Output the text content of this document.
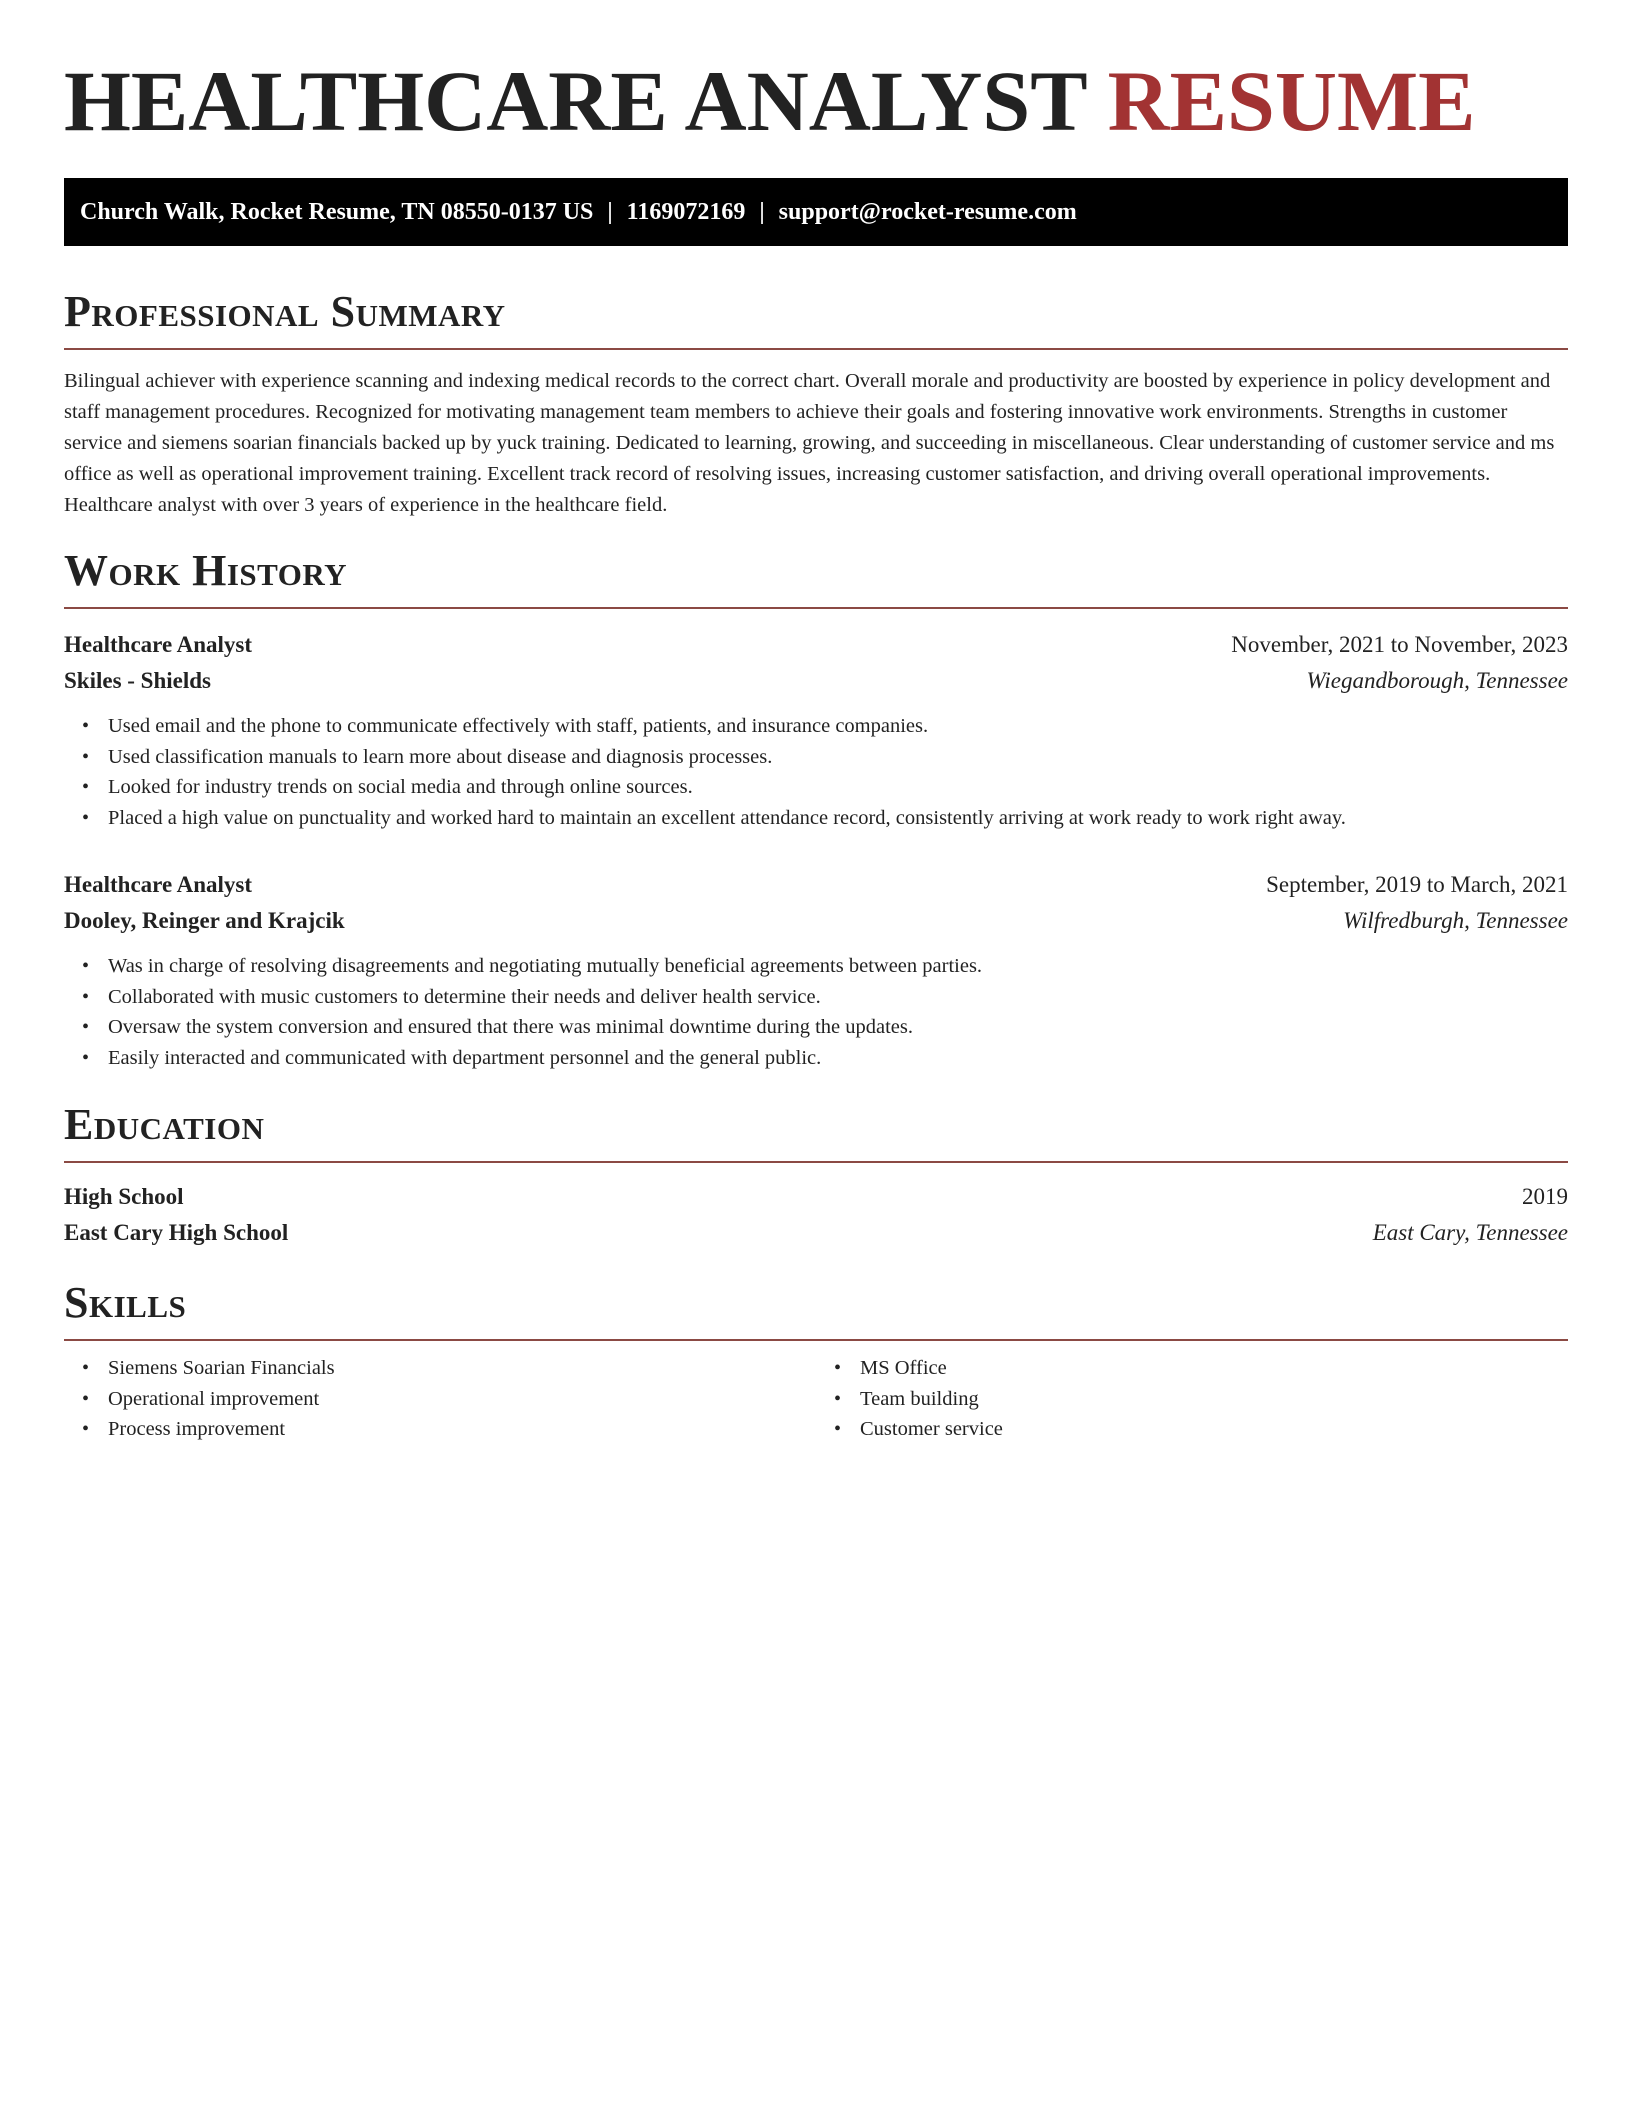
HEALTHCARE ANALYST RESUME
Church Walk, Rocket Resume, TN 08550-0137 US | 1169072169 | support@rocket-resume.com
Professional Summary

Bilingual achiever with experience scanning and indexing medical records to the correct chart. Overall morale and productivity are boosted by experience in policy development and staff management procedures. Recognized for motivating management team members to achieve their goals and fostering innovative work environments. Strengths in customer service and siemens soarian financials backed up by yuck training. Dedicated to learning, growing, and succeeding in miscellaneous. Clear understanding of customer service and ms office as well as operational improvement training. Excellent track record of resolving issues, increasing customer satisfaction, and driving overall operational improvements. Healthcare analyst with over 3 years of experience in the healthcare field.

Work History
Healthcare Analyst	November, 2021 to November, 2023
Skiles - Shields	Wiegandborough, Tennessee
• Used email and the phone to communicate effectively with staff, patients, and insurance companies.
• Used classification manuals to learn more about disease and diagnosis processes.
• Looked for industry trends on social media and through online sources.
• Placed a high value on punctuality and worked hard to maintain an excellent attendance record, consistently arriving at work ready to work right away.
Healthcare Analyst	September, 2019 to March, 2021
Dooley, Reinger and Krajcik	Wilfredburgh, Tennessee
• Was in charge of resolving disagreements and negotiating mutually beneficial agreements between parties.
• Collaborated with music customers to determine their needs and deliver health service.
• Oversaw the system conversion and ensured that there was minimal downtime during the updates.
• Easily interacted and communicated with department personnel and the general public.
Education
High School	2019
East Cary High School	East Cary, Tennessee
Skills
• Siemens Soarian Financials
• Operational improvement
• Process improvement
• MS Office
• Team building
• Customer service
